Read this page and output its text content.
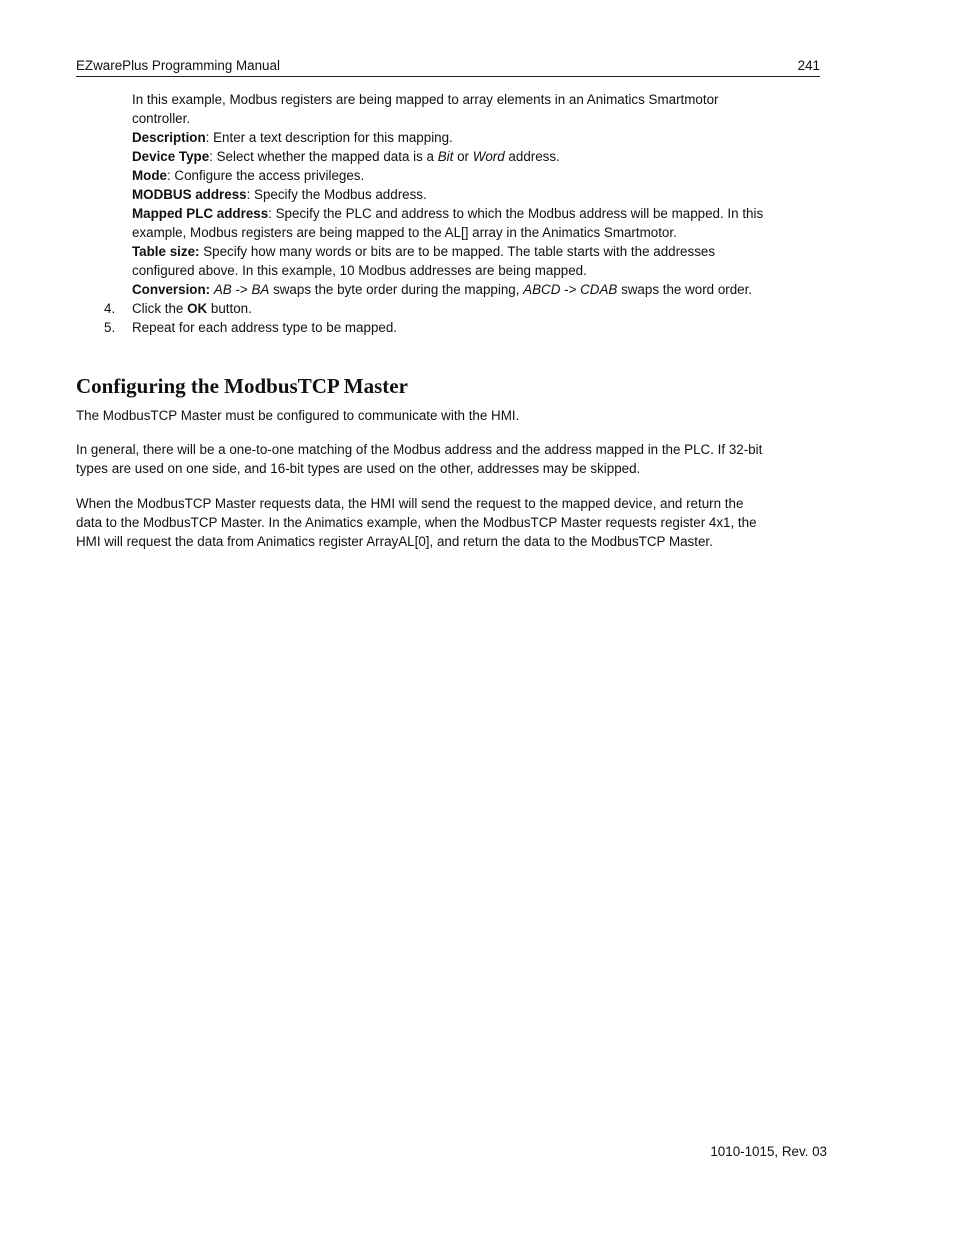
EZwarePlus Programming Manual	241
In this example, Modbus registers are being mapped to array elements in an Animatics Smartmotor
controller.
Description: Enter a text description for this mapping.
Device Type: Select whether the mapped data is a Bit or Word address.
Mode: Configure the access privileges.
MODBUS address: Specify the Modbus address.
Mapped PLC address: Specify the PLC and address to which the Modbus address will be mapped. In this
example, Modbus registers are being mapped to the AL[] array in the Animatics Smartmotor.
Table size: Specify how many words or bits are to be mapped. The table starts with the addresses
configured above. In this example, 10 Modbus addresses are being mapped.
Conversion: AB -> BA swaps the byte order during the mapping, ABCD -> CDAB swaps the word order.
4. Click the OK button.
5. Repeat for each address type to be mapped.
Configuring the ModbusTCP Master
The ModbusTCP Master must be configured to communicate with the HMI.
In general, there will be a one-to-one matching of the Modbus address and the address mapped in the PLC. If 32-bit
types are used on one side, and 16-bit types are used on the other, addresses may be skipped.
When the ModbusTCP Master requests data, the HMI will send the request to the mapped device, and return the
data to the ModbusTCP Master. In the Animatics example, when the ModbusTCP Master requests register 4x1, the
HMI will request the data from Animatics register ArrayAL[0], and return the data to the ModbusTCP Master.
1010-1015, Rev. 03
